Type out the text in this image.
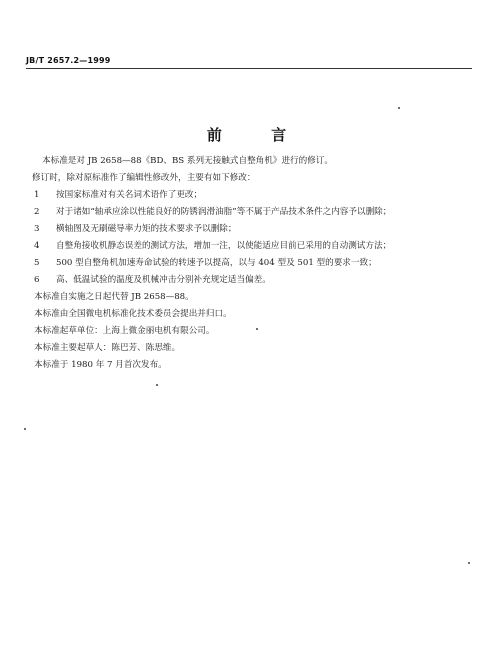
JB/T 2657.2—1999
前 言
本标准是对 JB 2658—88《BD、BS 系列无接触式自整角机》进行的修订。
修订时，除对原标准作了编辑性修改外，主要有如下修改：
1 按国家标准对有关名词术语作了更改；
2 对于诸如“轴承应涂以性能良好的防锈润滑油脂”等不属于产品技术条件之内容予以删除；
3 横轴图及无刷磁导率力矩的技术要求予以删除；
4 自整角接收机静态误差的测试方法，增加一注，以使能适应目前已采用的自动测试方法；
5 500 型自整角机加速寿命试验的转速予以提高，以与 404 型及 501 型的要求一致；
6 高、低温试验的温度及机械冲击分别补充规定适当偏差。
本标准自实施之日起代替 JB 2658—88。
本标准由全国微电机标准化技术委员会提出并归口。
本标准起草单位：上海上微金丽电机有限公司。
本标准主要起草人：陈巴芳、陈思维。
本标准于 1980 年 7 月首次发布。
